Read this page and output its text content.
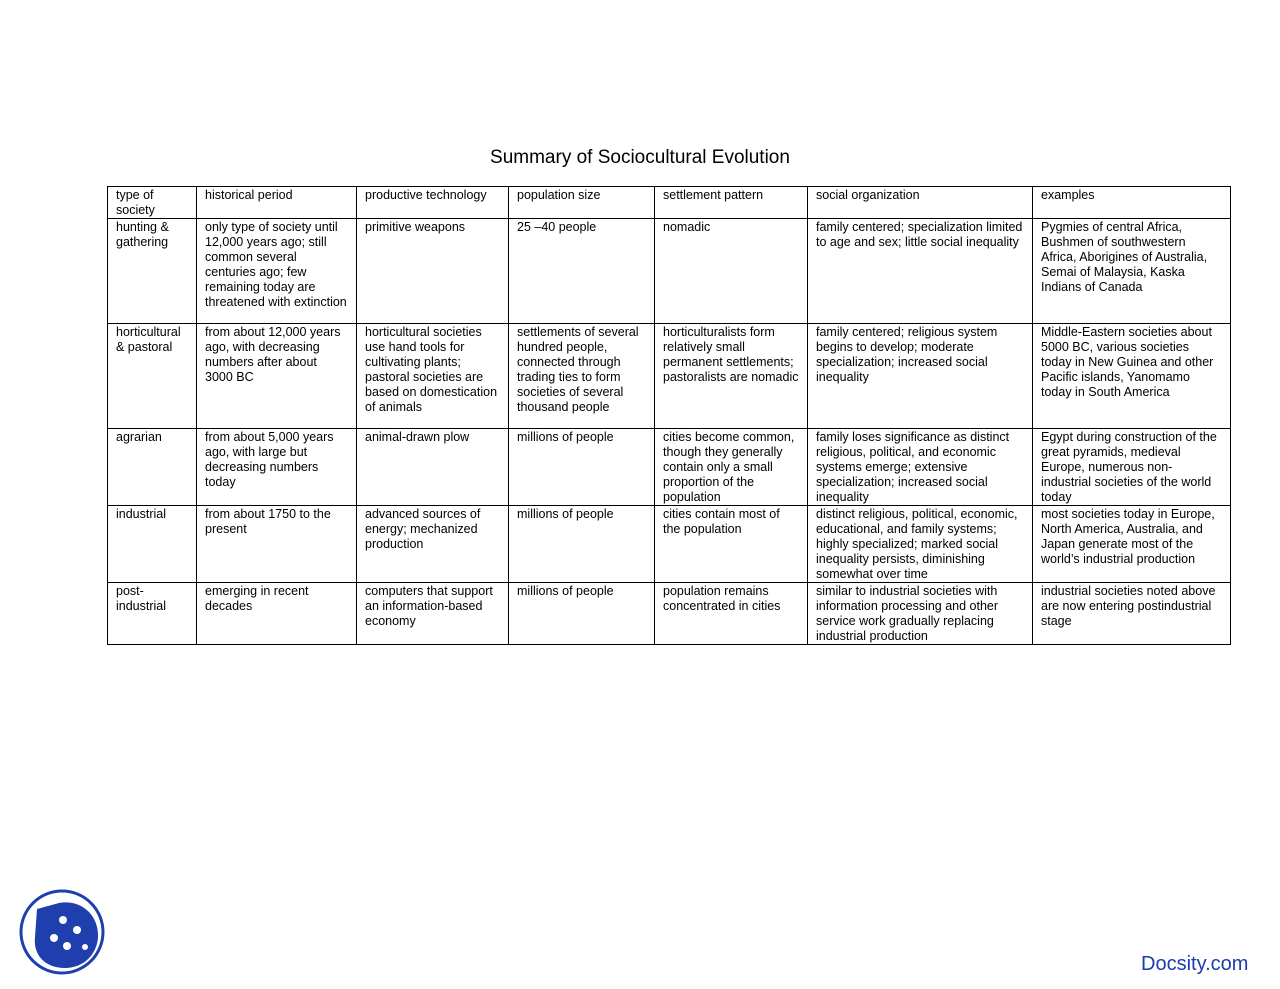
Summary of Sociocultural Evolution
type of society	historical period	productive technology	population size	settlement pattern	social organization	examples
hunting & gathering	only type of society until 12,000 years ago; still common several centuries ago; few remaining today are threatened with extinction	primitive weapons	25 –40 people	nomadic	family centered; specialization limited to age and sex; little social inequality	Pygmies of central Africa, Bushmen of southwestern Africa, Aborigines of Australia, Semai of Malaysia, Kaska Indians of Canada
horticultural & pastoral	from about 12,000 years ago, with decreasing numbers after about 3000 BC	horticultural societies use hand tools for cultivating plants; pastoral societies are based on domestication of animals	settlements of several hundred people, connected through trading ties to form societies of several thousand people	horticulturalists form relatively small permanent settlements; pastoralists are nomadic	family centered; religious system begins to develop; moderate specialization; increased social inequality	Middle-Eastern societies about 5000 BC, various societies today in New Guinea and other Pacific islands, Yanomamo today in South America
agrarian	from about 5,000 years ago, with large but decreasing numbers today	animal-drawn plow	millions of people	cities become common, though they generally contain only a small proportion of the population	family loses significance as distinct religious, political, and economic systems emerge; extensive specialization; increased social inequality	Egypt during construction of the great pyramids, medieval Europe, numerous non-industrial societies of the world today
industrial	from about 1750 to the present	advanced sources of energy; mechanized production	millions of people	cities contain most of the population	distinct religious, political, economic, educational, and family systems; highly specialized; marked social inequality persists, diminishing somewhat over time	most societies today in Europe, North America, Australia, and Japan generate most of the world’s industrial production
post-industrial	emerging in recent decades	computers that support an information-based economy	millions of people	population remains concentrated in cities	similar to industrial societies with information processing and other service work gradually replacing industrial production	industrial societies noted above are now entering postindustrial stage
Docsity.com
